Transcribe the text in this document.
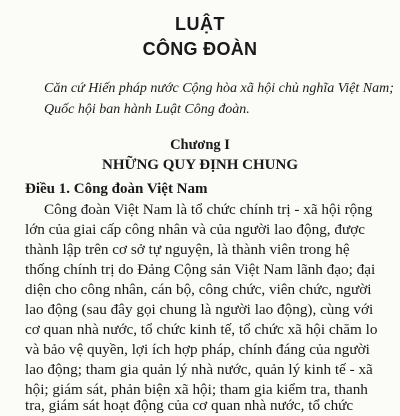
LUẬT
CÔNG ĐOÀN
Căn cứ Hiến pháp nước Cộng hòa xã hội chủ nghĩa Việt Nam;
Quốc hội ban hành Luật Công đoàn.
Chương I
NHỮNG QUY ĐỊNH CHUNG
Điều 1. Công đoàn Việt Nam
Công đoàn Việt Nam là tổ chức chính trị - xã hội rộng
lớn của giai cấp công nhân và của người lao động, được
thành lập trên cơ sở tự nguyện, là thành viên trong hệ
thống chính trị do Đảng Cộng sản Việt Nam lãnh đạo; đại
diện cho công nhân, cán bộ, công chức, viên chức, người
lao động (sau đây gọi chung là người lao động), cùng với
cơ quan nhà nước, tổ chức kinh tế, tổ chức xã hội chăm lo
và bảo vệ quyền, lợi ích hợp pháp, chính đáng của người
lao động; tham gia quản lý nhà nước, quản lý kinh tế - xã
hội; giám sát, phản biện xã hội; tham gia kiểm tra, thanh
tra, giám sát hoạt động của cơ quan nhà nước, tổ chức
